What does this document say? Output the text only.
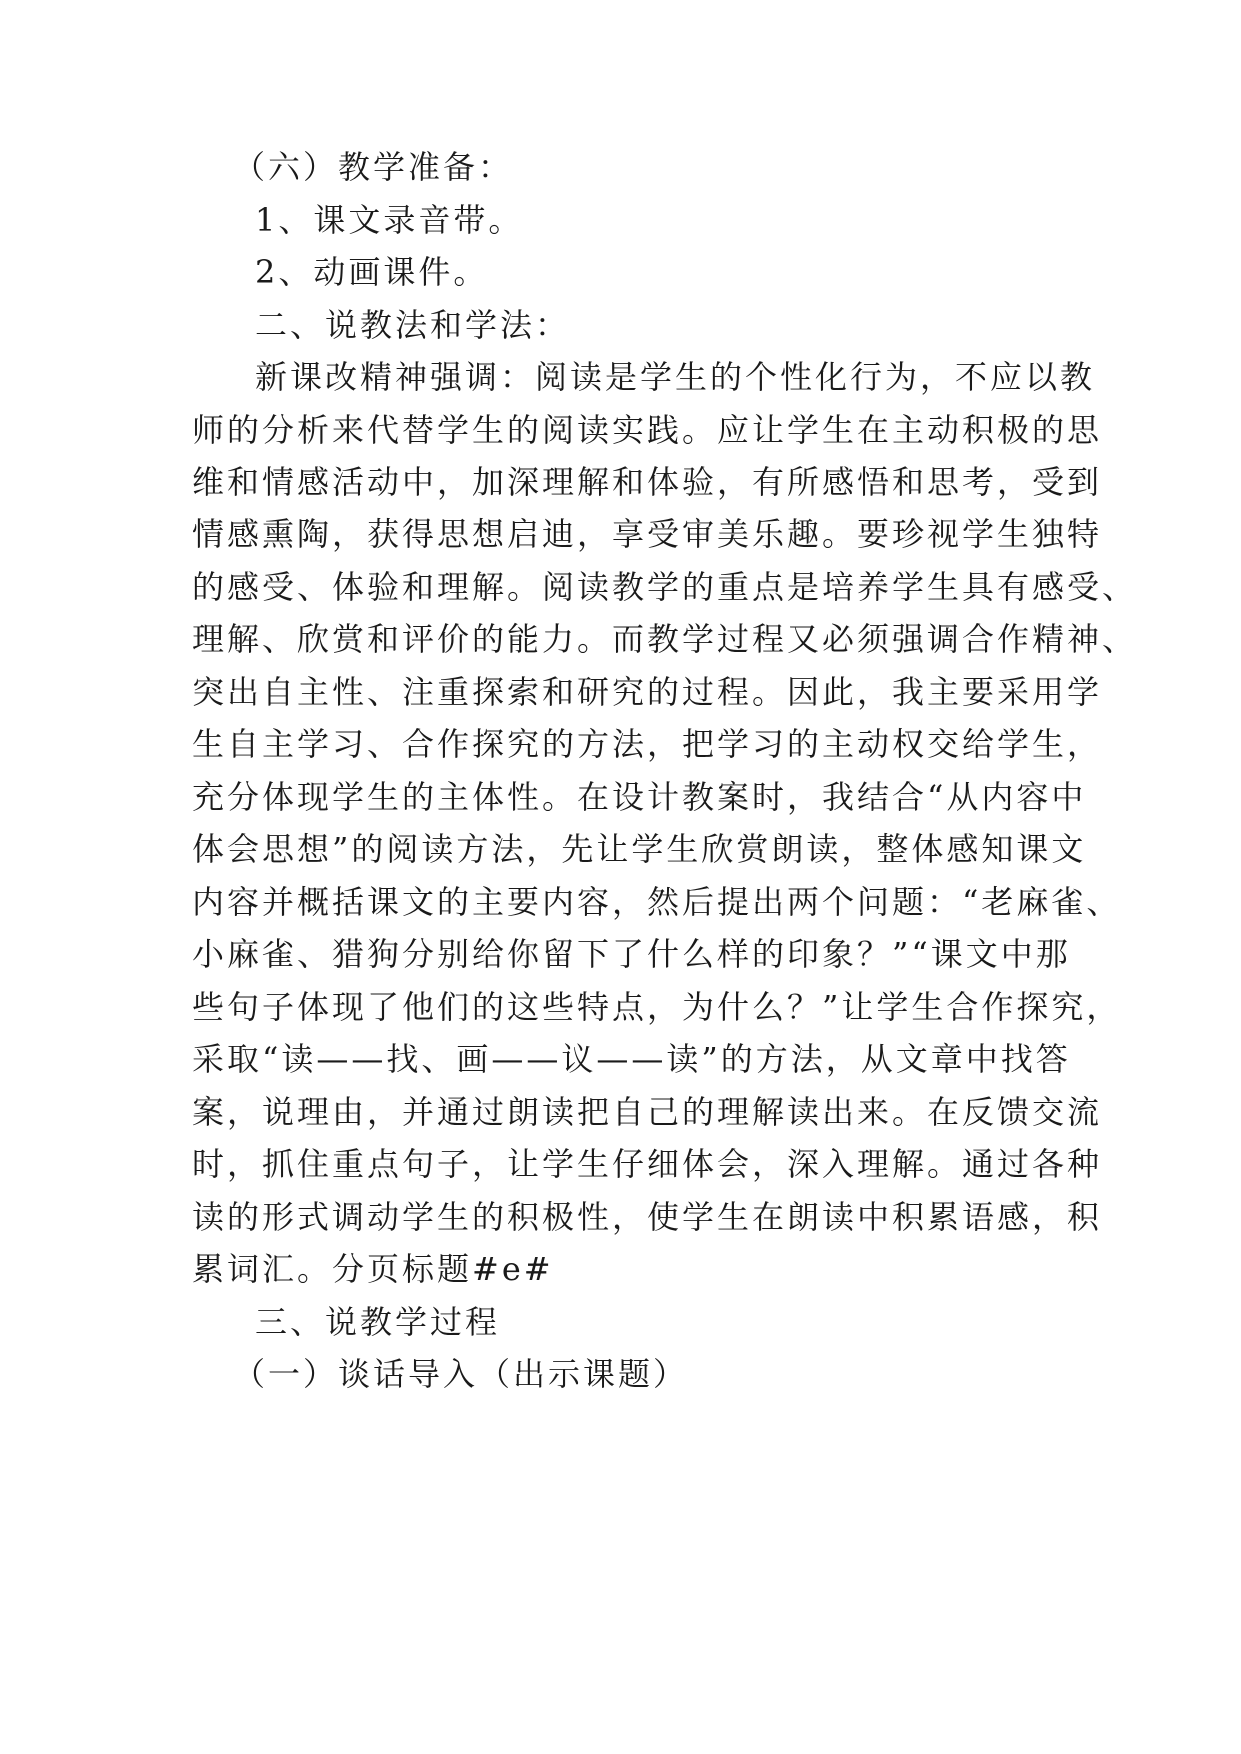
（六）教学准备：
1、课文录音带。
2、动画课件。
二、说教法和学法：
新课改精神强调：阅读是学生的个性化行为，不应以教
师的分析来代替学生的阅读实践。应让学生在主动积极的思
维和情感活动中，加深理解和体验，有所感悟和思考，受到
情感熏陶，获得思想启迪，享受审美乐趣。要珍视学生独特
的感受、体验和理解。阅读教学的重点是培养学生具有感受、
理解、欣赏和评价的能力。而教学过程又必须强调合作精神、
突出自主性、注重探索和研究的过程。因此，我主要采用学
生自主学习、合作探究的方法，把学习的主动权交给学生，
充分体现学生的主体性。在设计教案时，我结合“从内容中
体会思想”的阅读方法，先让学生欣赏朗读，整体感知课文
内容并概括课文的主要内容，然后提出两个问题：“老麻雀、
小麻雀、猎狗分别给你留下了什么样的印象？”“课文中那
些句子体现了他们的这些特点，为什么？”让学生合作探究，
采取“读——找、画——议——读”的方法，从文章中找答
案，说理由，并通过朗读把自己的理解读出来。在反馈交流
时，抓住重点句子，让学生仔细体会，深入理解。通过各种
读的形式调动学生的积极性，使学生在朗读中积累语感，积
累词汇。分页标题#e#
三、说教学过程
（一）谈话导入（出示课题）
